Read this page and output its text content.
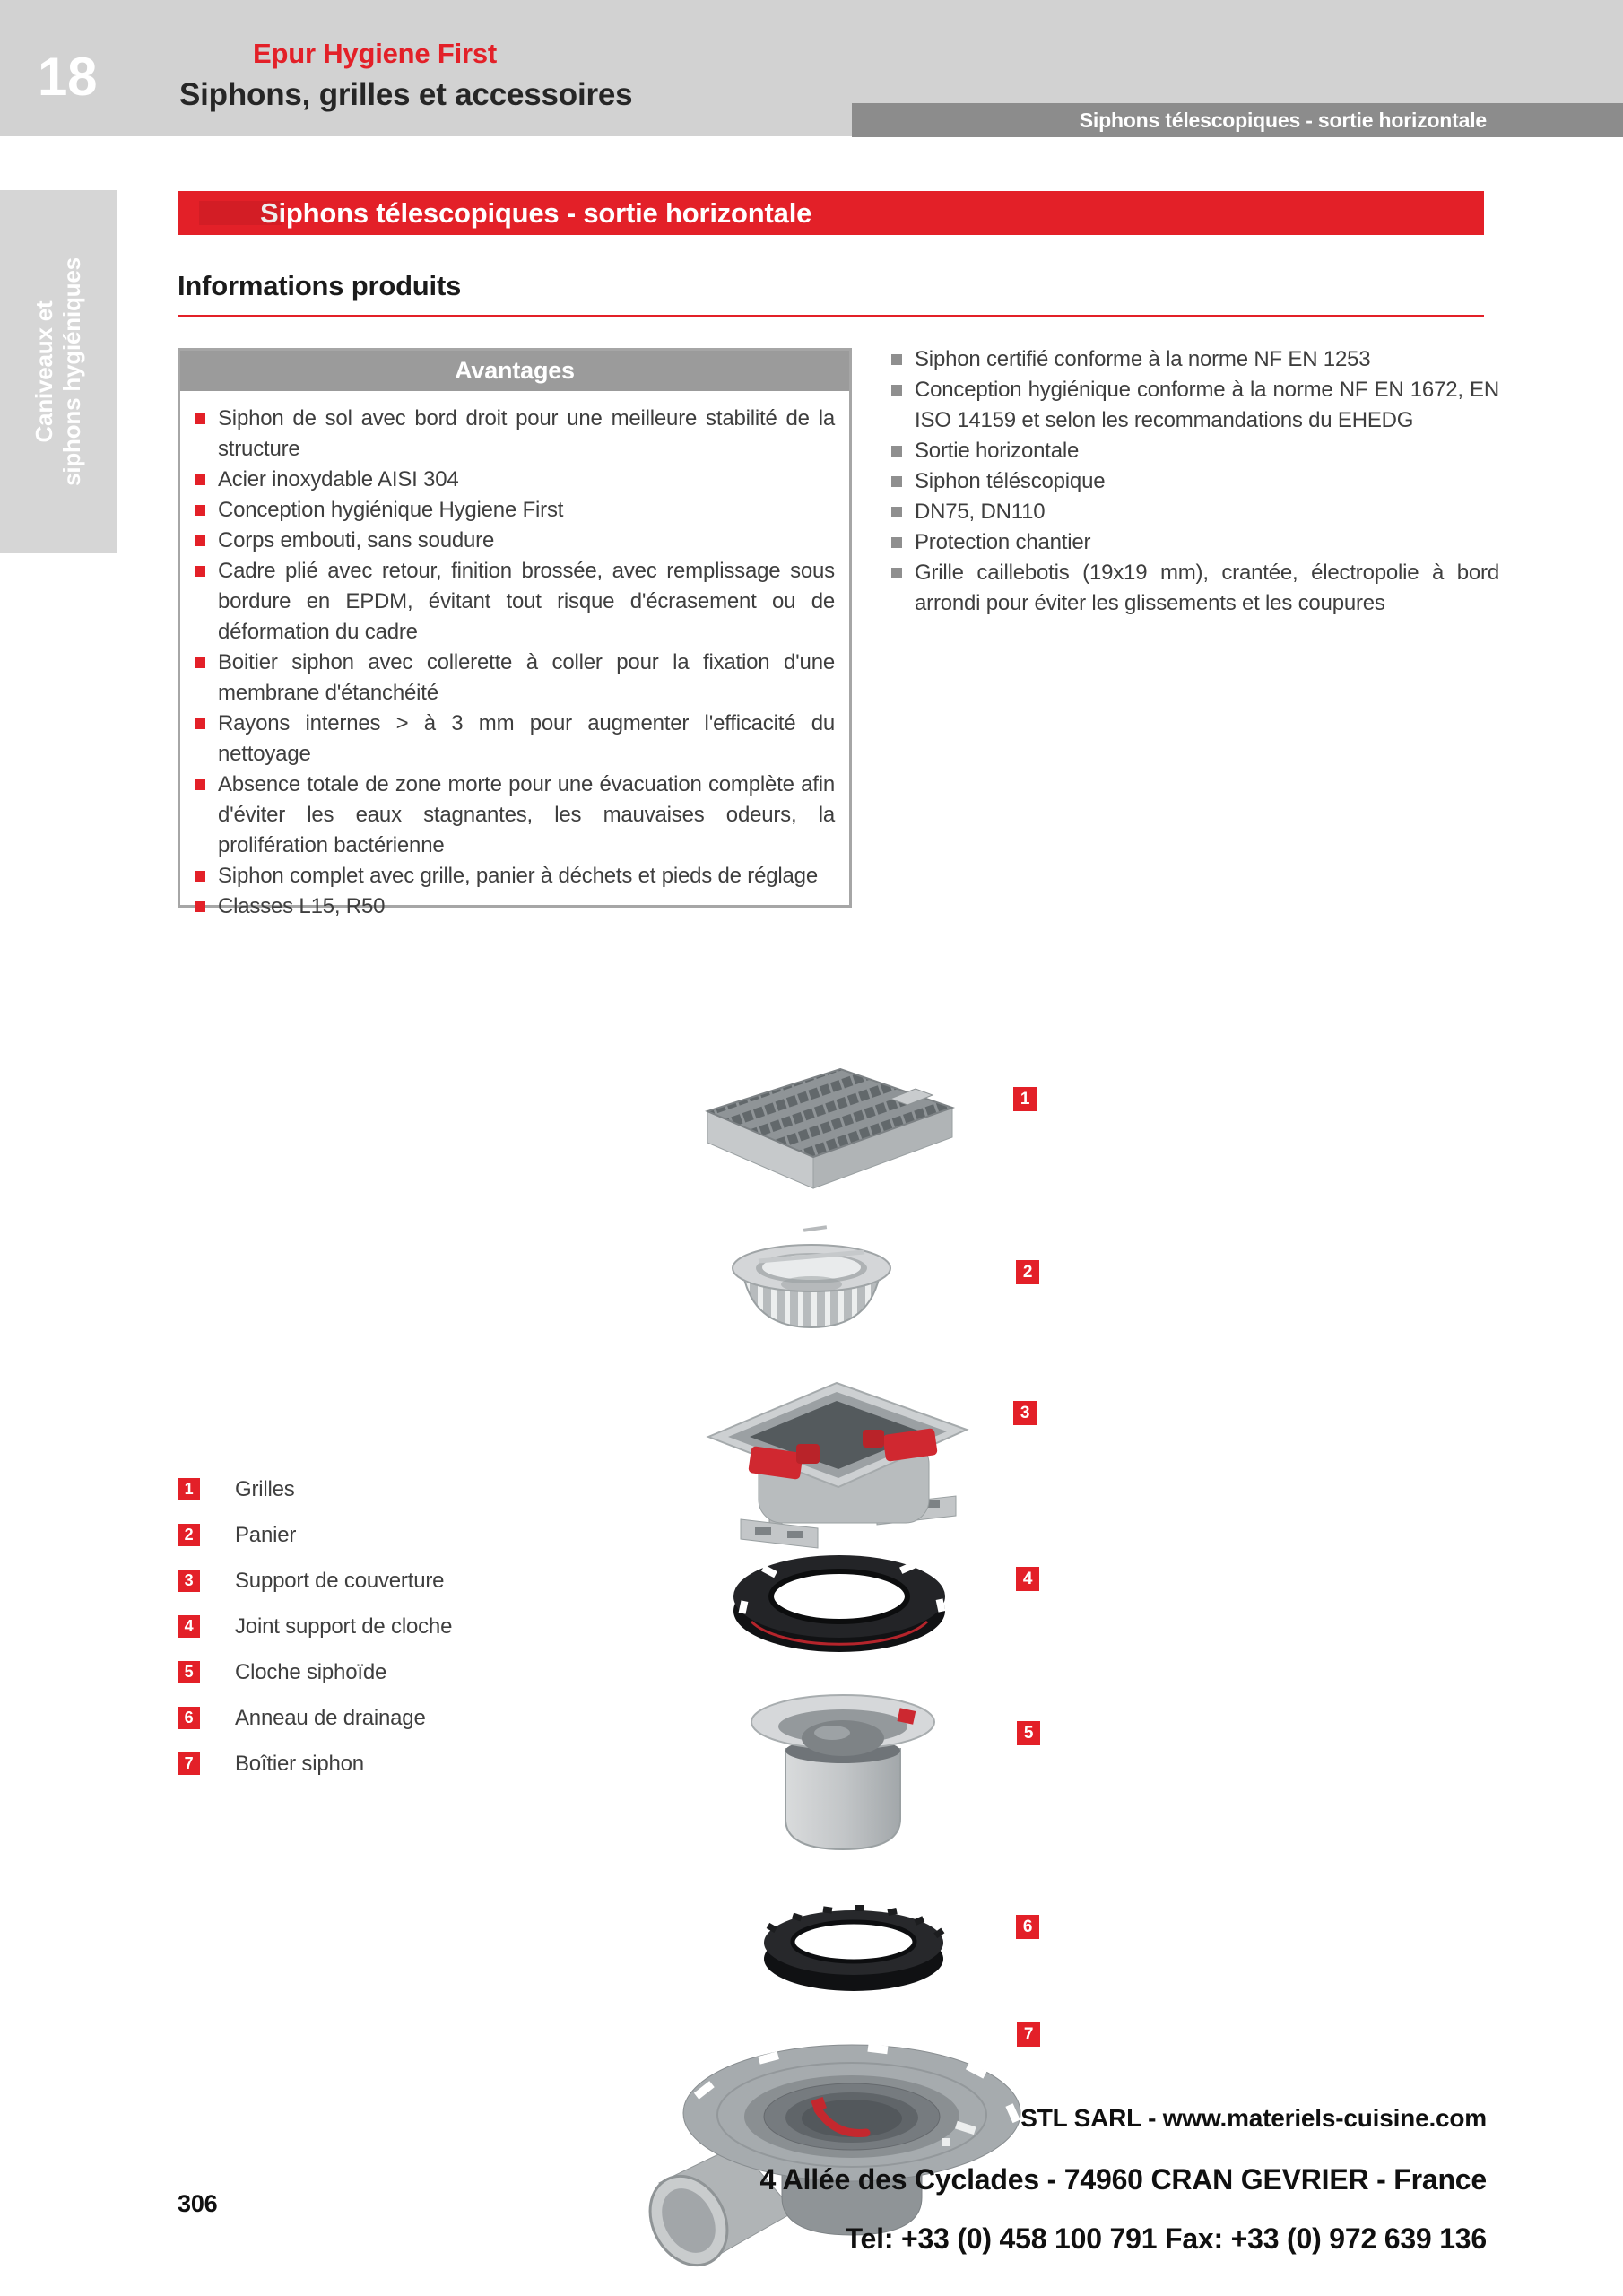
18	Epur Hygiene First
Siphons, grilles et accessoires
Siphons télescopiques - sortie horizontale
Caniveaux et siphons hygiéniques
Siphons télescopiques - sortie horizontale
Informations produits
Avantages
Siphon de sol avec bord droit pour une meilleure stabilité de la structure
Acier inoxydable AISI 304
Conception hygiénique Hygiene First
Corps embouti, sans soudure
Cadre plié avec retour, finition brossée, avec remplissage sous bordure en EPDM, évitant tout risque d'écrasement ou de déformation du cadre
Boitier siphon avec collerette à coller pour la fixation d'une membrane d'étanchéité
Rayons internes > à 3 mm pour augmenter l'efficacité du nettoyage
Absence totale de zone morte pour une évacuation complète afin d'éviter les eaux stagnantes, les mauvaises odeurs, la prolifération bactérienne
Siphon complet avec grille, panier à déchets et pieds de réglage
Classes L15, R50
Siphon certifié conforme à la norme NF EN 1253
Conception hygiénique conforme à la norme NF EN 1672, EN ISO 14159 et selon les recommandations du EHEDG
Sortie horizontale
Siphon téléscopique
DN75, DN110
Protection chantier
Grille caillebotis (19x19 mm), crantée, électropolie à bord arrondi pour éviter les glissements et les coupures
1	Grilles
2	Panier
3	Support de couverture
4	Joint support de cloche
5	Cloche siphoïde
6	Anneau de drainage
7	Boîtier siphon
1
2
3
4
5
6
7
STL SARL - www.materiels-cuisine.com
4 Allée des Cyclades - 74960 CRAN GEVRIER - France
Tel: +33 (0) 458 100 791 Fax: +33 (0) 972 639 136
306
